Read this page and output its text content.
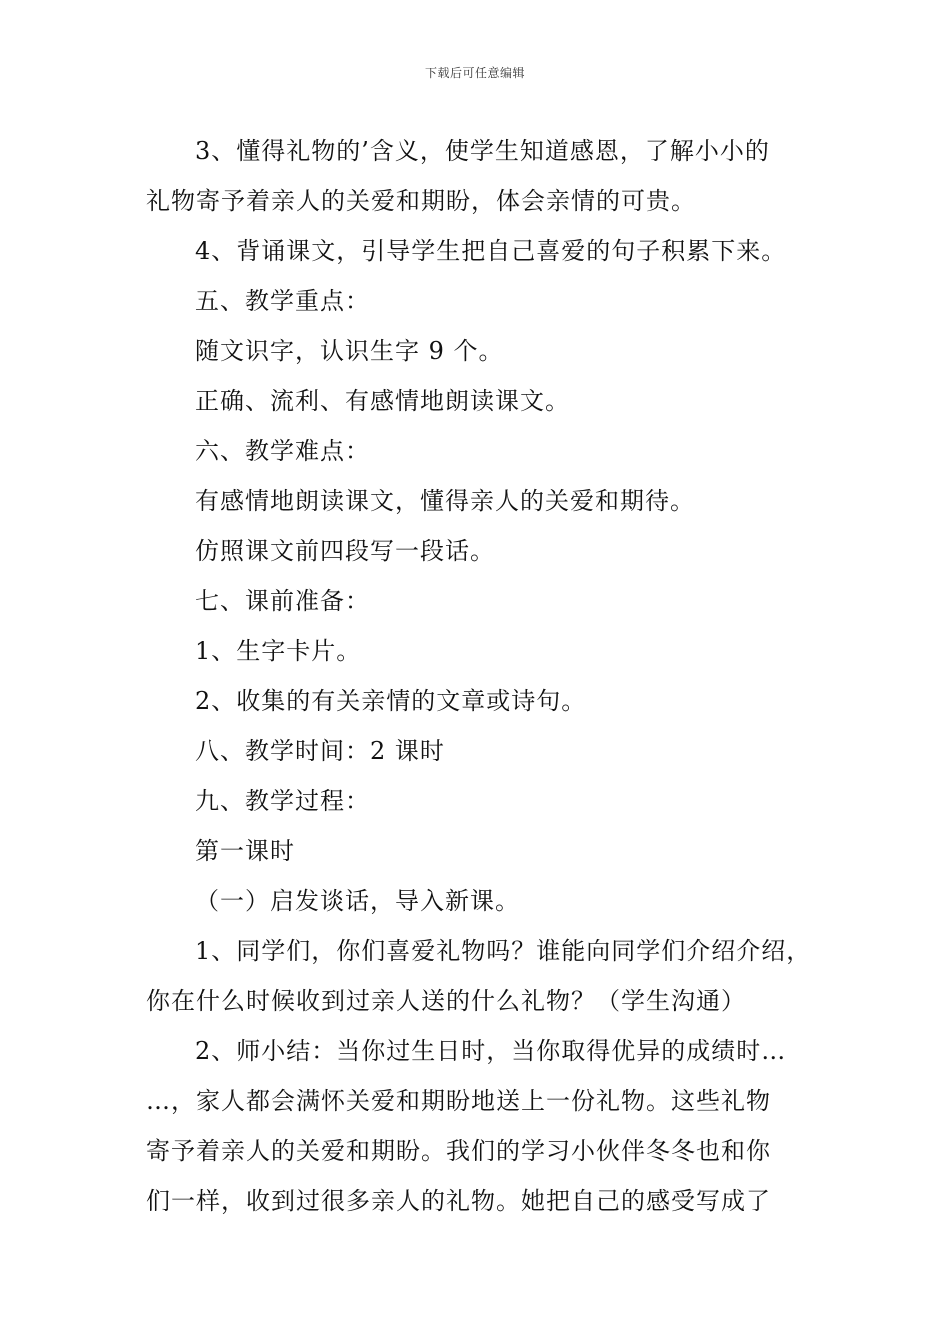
下载后可任意编辑
3、懂得礼物的’含义，使学生知道感恩，了解小小的
礼物寄予着亲人的关爱和期盼，体会亲情的可贵。
4、背诵课文，引导学生把自己喜爱的句子积累下来。
五、教学重点：
随文识字，认识生字 9 个。
正确、流利、有感情地朗读课文。
六、教学难点：
有感情地朗读课文，懂得亲人的关爱和期待。
仿照课文前四段写一段话。
七、课前准备：
1、生字卡片。
2、收集的有关亲情的文章或诗句。
八、教学时间：2 课时
九、教学过程：
第一课时
（一）启发谈话，导入新课。
1、同学们，你们喜爱礼物吗？谁能向同学们介绍介绍，
你在什么时候收到过亲人送的什么礼物？（学生沟通）
2、师小结：当你过生日时，当你取得优异的成绩时…
…，家人都会满怀关爱和期盼地送上一份礼物。这些礼物
寄予着亲人的关爱和期盼。我们的学习小伙伴冬冬也和你
们一样，收到过很多亲人的礼物。她把自己的感受写成了
